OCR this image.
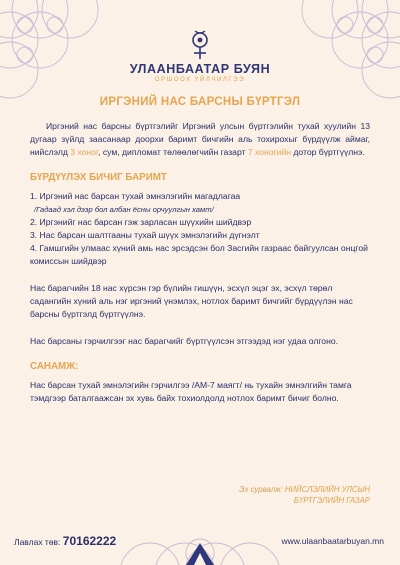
УЛААНБААТАР БУЯН
ОРШООХ ҮЙЛЧИЛГЭЭ
ИРГЭНИЙ НАС БАРСНЫ БҮРТГЭЛ

Иргэний нас барсны бүртгэлийг Иргэний улсын бүртгэлийн тухай хуулийн 13 дугаар зүйлд заасанаар доорхи баримт бичгийн аль тохирохыг бүрдүүлж аймаг, нийслэлд 3 хоног, сум, дипломат төлөөлөгчийн газарт 7 хоногийн дотор бүртгүүлнэ.

БҮРДҮҮЛЭХ БИЧИГ БАРИМТ

1. Иргэний нас барсан тухай эмнэлэгийн магадлагаа

/Гадаад хэл дээр бол албан ёсны орчуулгын хамт/

2. Иргэнийг нас барсан гэж зарласан шүүхийн шийдвэр

3. Нас барсан шалтгааны тухай шүүх эмнэлэгийн дүгнэлт

4. Гамшгийн улмаас хүний амь нас эрсэдсэн бол Засгийн газраас байгуулсан онцгой комиссын шийдвэр

Нас барагчийн 18 нас хүрсэн гэр бүлийн гишүүн, эсхүл эцэг эх, эсхүл төрөл садангийн хүний аль нэг иргэний үнэмлэх, нотлох баримт бичгийг бүрдүүлэн нас барсны бүртгэлд бүртгүүлнэ.

Нас барсаны гэрчилгээг нас барагчийг бүртгүүлсэн этгээдэд нэг удаа олгоно.

САНАМЖ:

Нас барсан тухай эмнэлэгийн гэрчилгээ /АМ-7 маягт/ нь тухайн эмнэлгийн тамга тэмдгээр баталгаажсан эх хувь байх тохиолдолд нотлох баримт бичиг болно.

Эх сурвалж: НИЙСЛЭЛИЙН УЛСЫН БҮРТГЭЛИЙН ГАЗАР
Лавлах төв: 70162222	www.ulaanbaatarbuyan.mn
